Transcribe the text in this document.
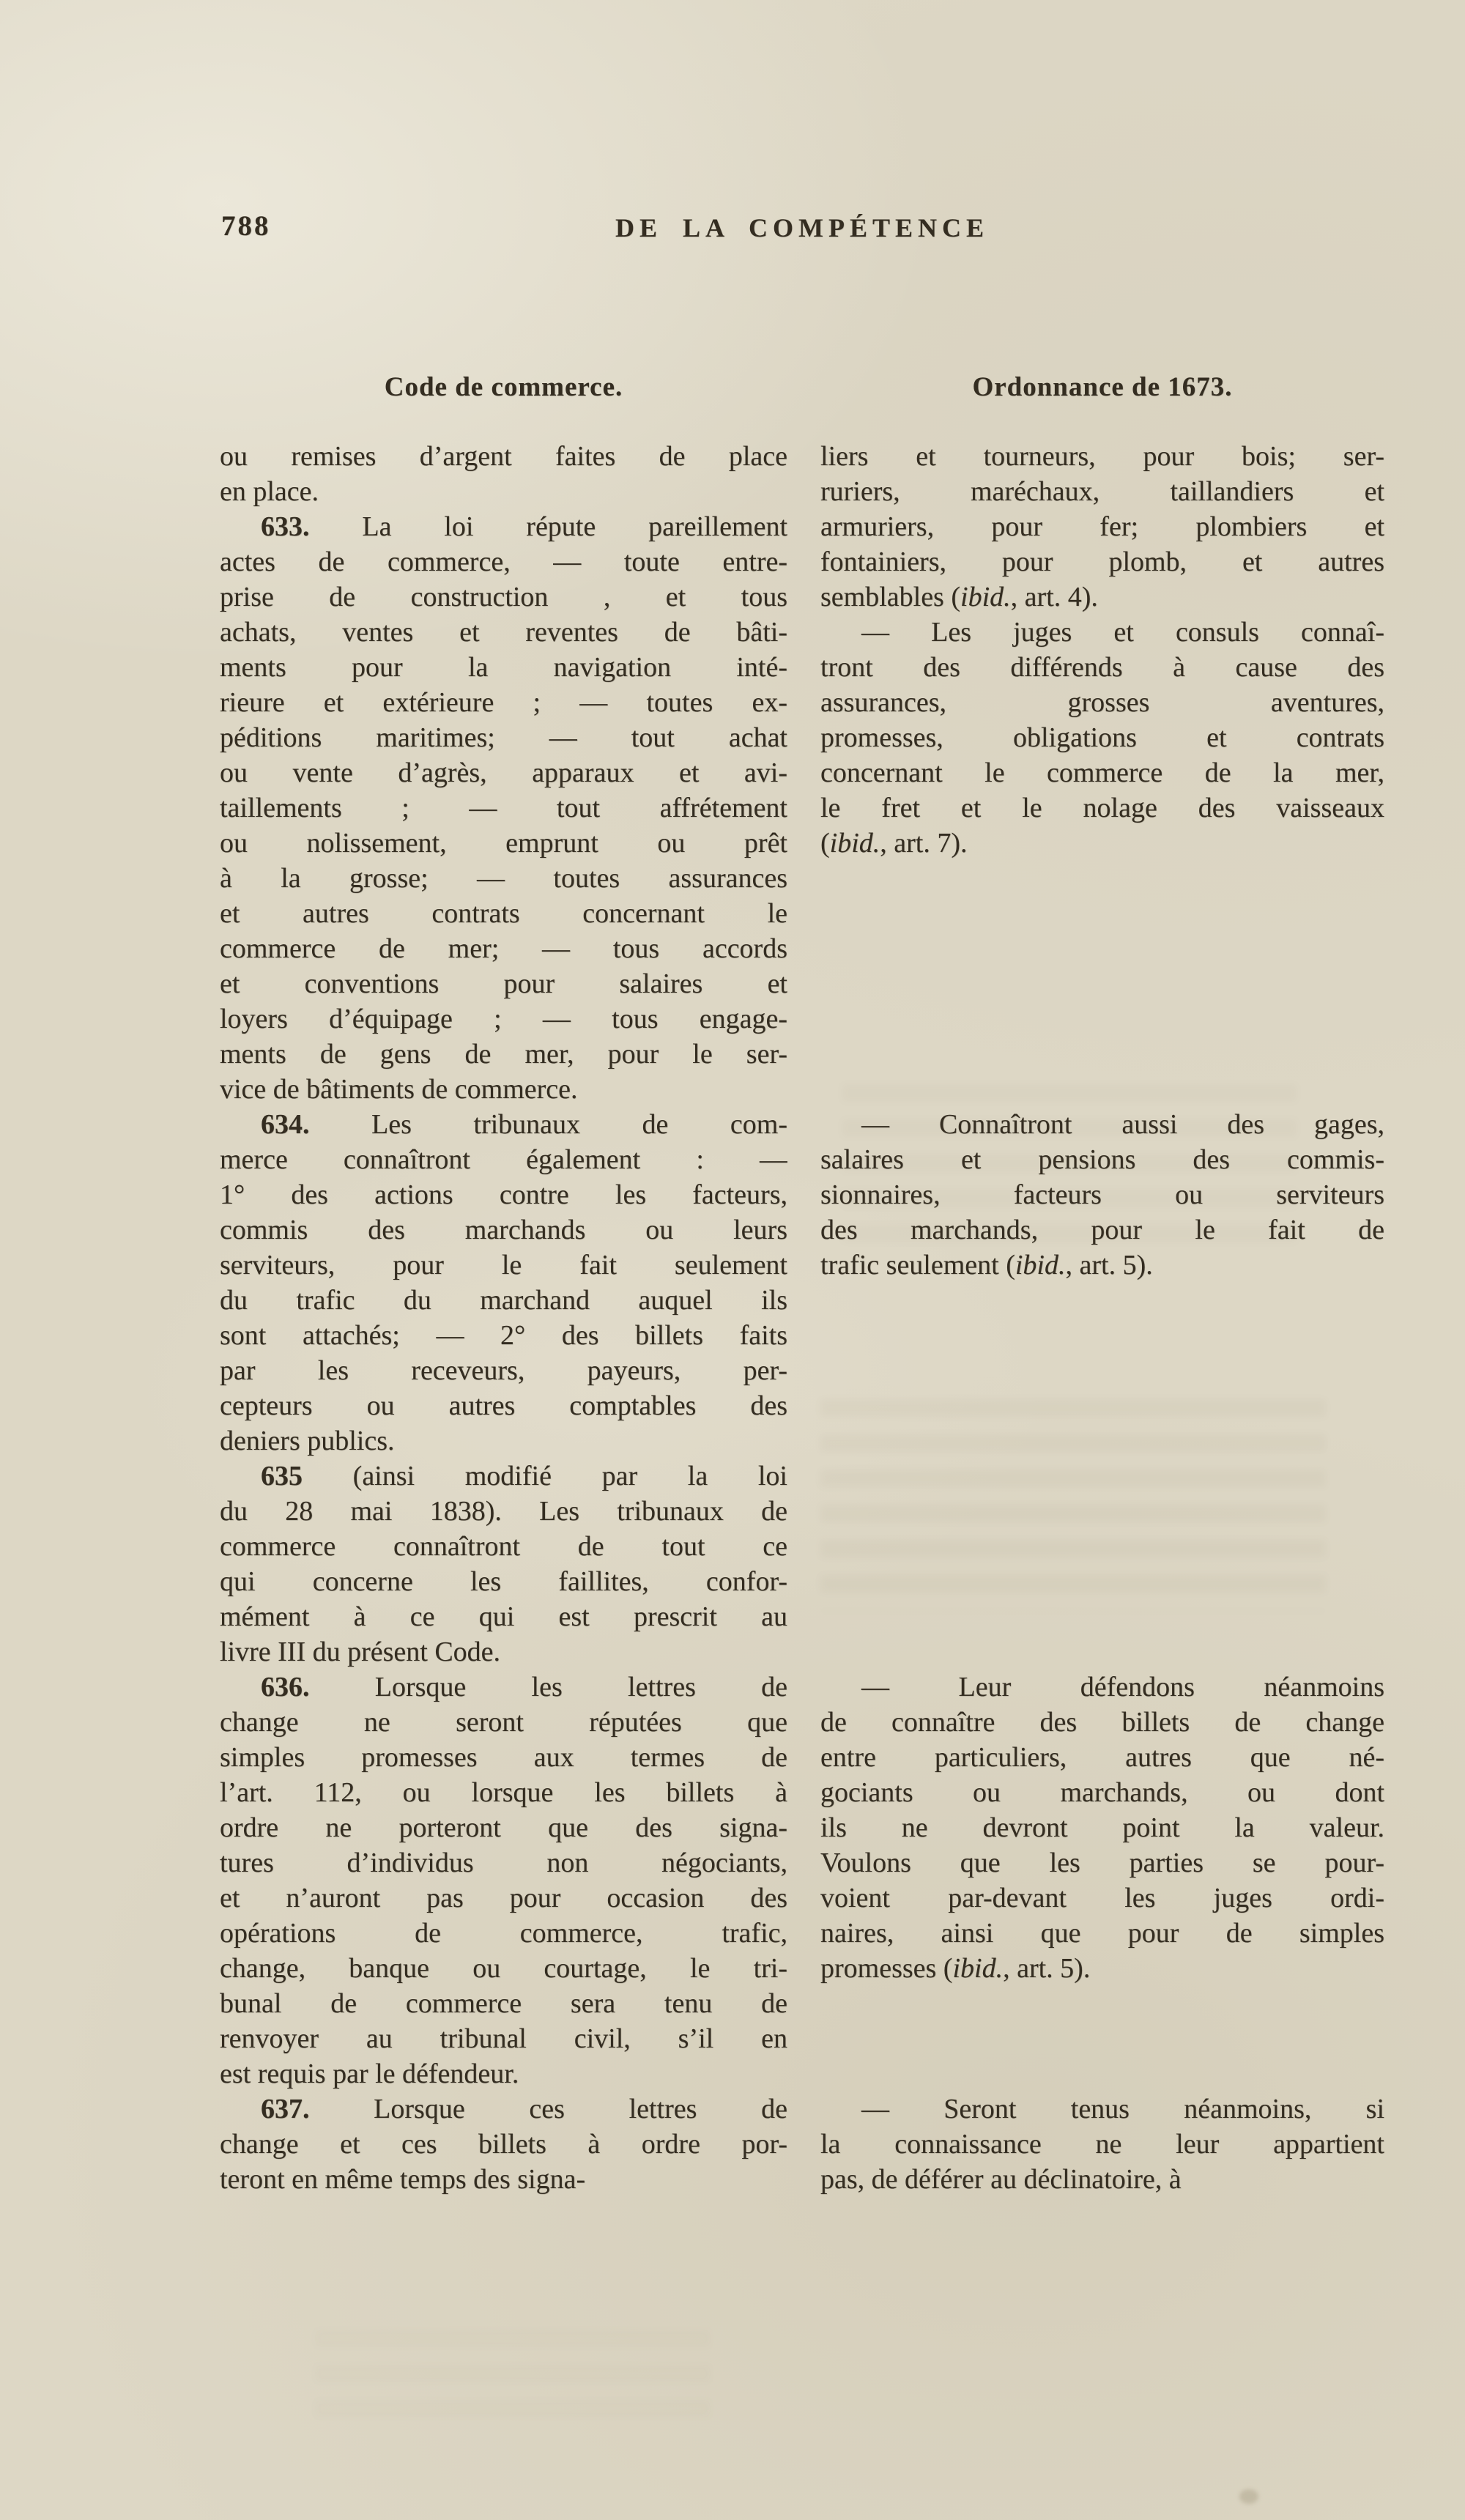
788	DE LA COMPÉTENCE
Code de commerce.	Ordonnance de 1673.
ou remises d’argent faites de place
en place.
633. La loi répute pareillement
actes de commerce, — toute entre-
prise de construction , et tous
achats, ventes et reventes de bâti-
ments pour la navigation inté-
rieure et extérieure ; — toutes ex-
péditions maritimes; — tout achat
ou vente d’agrès, apparaux et avi-
taillements ; — tout affrétement
ou nolissement, emprunt ou prêt
à la grosse; — toutes assurances
et autres contrats concernant le
commerce de mer; — tous accords
et conventions pour salaires et
loyers d’équipage ; — tous engage-
ments de gens de mer, pour le ser-
vice de bâtiments de commerce.
liers et tourneurs, pour bois; ser-
ruriers, maréchaux, taillandiers et
armuriers, pour fer; plombiers et
fontainiers, pour plomb, et autres
semblables (ibid., art. 4).
— Les juges et consuls connaî-
tront des différends à cause des
assurances, grosses aventures,
promesses, obligations et contrats
concernant le commerce de la mer,
le fret et le nolage des vaisseaux
(ibid., art. 7).
634. Les tribunaux de com-
merce connaîtront également : —
1° des actions contre les facteurs,
commis des marchands ou leurs
serviteurs, pour le fait seulement
du trafic du marchand auquel ils
sont attachés; — 2° des billets faits
par les receveurs, payeurs, per-
cepteurs ou autres comptables des
deniers publics.
635 (ainsi modifié par la loi
du 28 mai 1838). Les tribunaux de
commerce connaîtront de tout ce
qui concerne les faillites, confor-
mément à ce qui est prescrit au
livre III du présent Code.
— Connaîtront aussi des gages,
salaires et pensions des commis-
sionnaires, facteurs ou serviteurs
des marchands, pour le fait de
trafic seulement (ibid., art. 5).
636. Lorsque les lettres de
change ne seront réputées que
simples promesses aux termes de
l’art. 112, ou lorsque les billets à
ordre ne porteront que des signa-
tures d’individus non négociants,
et n’auront pas pour occasion des
opérations de commerce, trafic,
change, banque ou courtage, le tri-
bunal de commerce sera tenu de
renvoyer au tribunal civil, s’il en
est requis par le défendeur.
— Leur défendons néanmoins
de connaître des billets de change
entre particuliers, autres que né-
gociants ou marchands, ou dont
ils ne devront point la valeur.
Voulons que les parties se pour-
voient par-devant les juges ordi-
naires, ainsi que pour de simples
promesses (ibid., art. 5).
637. Lorsque ces lettres de
change et ces billets à ordre por-
teront en même temps des signa-
— Seront tenus néanmoins, si
la connaissance ne leur appartient
pas, de déférer au déclinatoire, à
